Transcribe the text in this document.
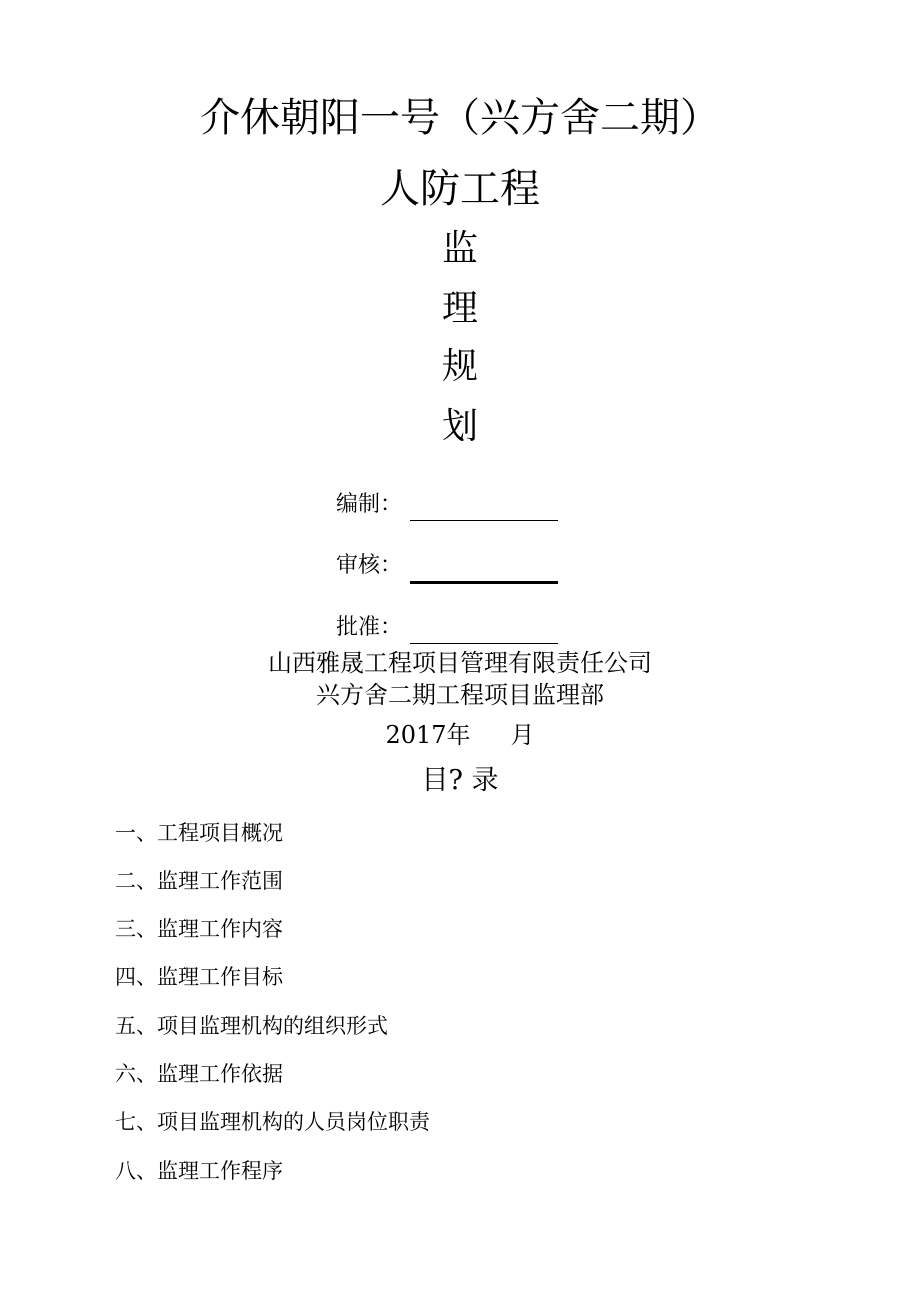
介休朝阳一号（兴方舍二期）
人防工程
监
理
规
划
编制：
审核：
批准：
山西雅晟工程项目管理有限责任公司
兴方舍二期工程项目监理部
2017年 月
目? 录
一、工程项目概况
二、监理工作范围
三、监理工作内容
四、监理工作目标
五、项目监理机构的组织形式
六、监理工作依据
七、项目监理机构的人员岗位职责
八、监理工作程序
